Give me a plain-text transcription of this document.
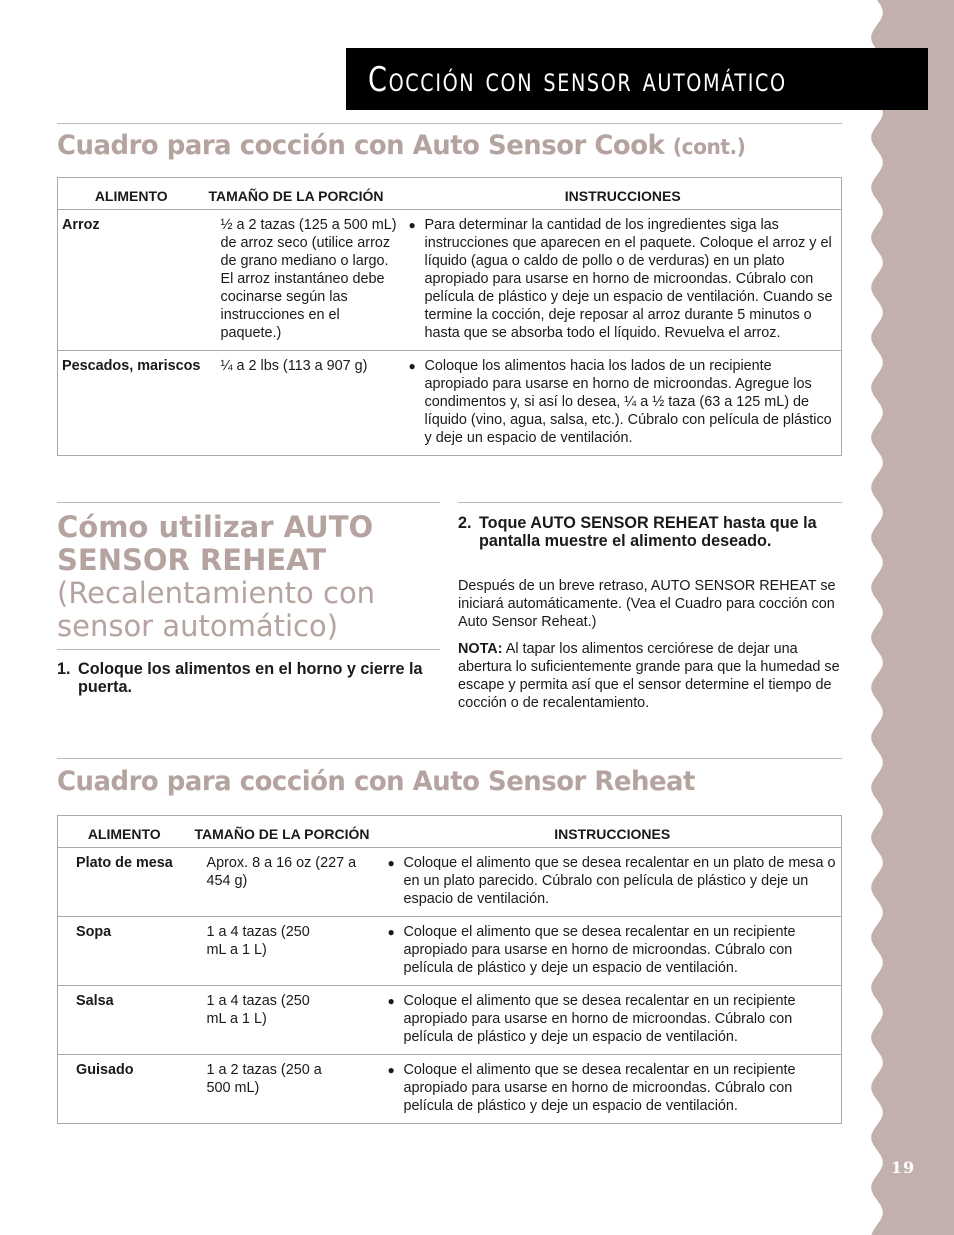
19
Cocción con sensor automático
Cuadro para cocción con Auto Sensor Cook (cont.)
ALIMENTO	TAMAÑO DE LA PORCIÓN	INSTRUCCIONES
Arroz	½ a 2 tazas (125 a 500 mL) de arroz seco (utilice arroz de grano mediano o largo. El arroz instantáneo debe cocinarse según las instrucciones en el paquete.)	● Para determinar la cantidad de los ingredientes siga las instrucciones que aparecen en el paquete. Coloque el arroz y el líquido (agua o caldo de pollo o de verduras) en un plato apropiado para usarse en horno de microondas. Cúbralo con película de plástico y deje un espacio de ventilación. Cuando se termine la cocción, deje reposar al arroz durante 5 minutos o hasta que se absorba todo el líquido. Revuelva el arroz.

Pescados, mariscos	¼ a 2 lbs (113 a 907 g)	● Coloque los alimentos hacia los lados de un recipiente apropiado para usarse en horno de microondas. Agregue los condimentos y, si así lo desea, ¼ a ½ taza (63 a 125 mL) de líquido (vino, agua, salsa, etc.). Cúbralo con película de plástico y deje un espacio de ventilación.
Cómo utilizar AUTO SENSOR REHEAT
(Recalentamiento con sensor automático)
1. Coloque los alimentos en el horno y cierre la puerta.
2. Toque AUTO SENSOR REHEAT hasta que la pantalla muestre el alimento deseado.
Después de un breve retraso, AUTO SENSOR REHEAT se iniciará automáticamente. (Vea el Cuadro para cocción con Auto Sensor Reheat.)
NOTA: Al tapar los alimentos cerciórese de dejar una abertura lo suficientemente grande para que la humedad se escape y permita así que el sensor determine el tiempo de cocción o de recalentamiento.
Cuadro para cocción con Auto Sensor Reheat
ALIMENTO	TAMAÑO DE LA PORCIÓN	INSTRUCCIONES
Plato de mesa	Aprox. 8 a 16 oz (227 a 454 g)	● Coloque el alimento que se desea recalentar en un plato de mesa o en un plato parecido. Cúbralo con película de plástico y deje un espacio de ventilación.

Sopa	1 a 4 tazas (250 mL a 1 L)	● Coloque el alimento que se desea recalentar en un recipiente apropiado para usarse en horno de microondas. Cúbralo con película de plástico y deje un espacio de ventilación.

Salsa	1 a 4 tazas (250 mL a 1 L)	● Coloque el alimento que se desea recalentar en un recipiente apropiado para usarse en horno de microondas. Cúbralo con película de plástico y deje un espacio de ventilación.

Guisado	1 a 2 tazas (250 a 500 mL)	● Coloque el alimento que se desea recalentar en un recipiente apropiado para usarse en horno de microondas. Cúbralo con película de plástico y deje un espacio de ventilación.
